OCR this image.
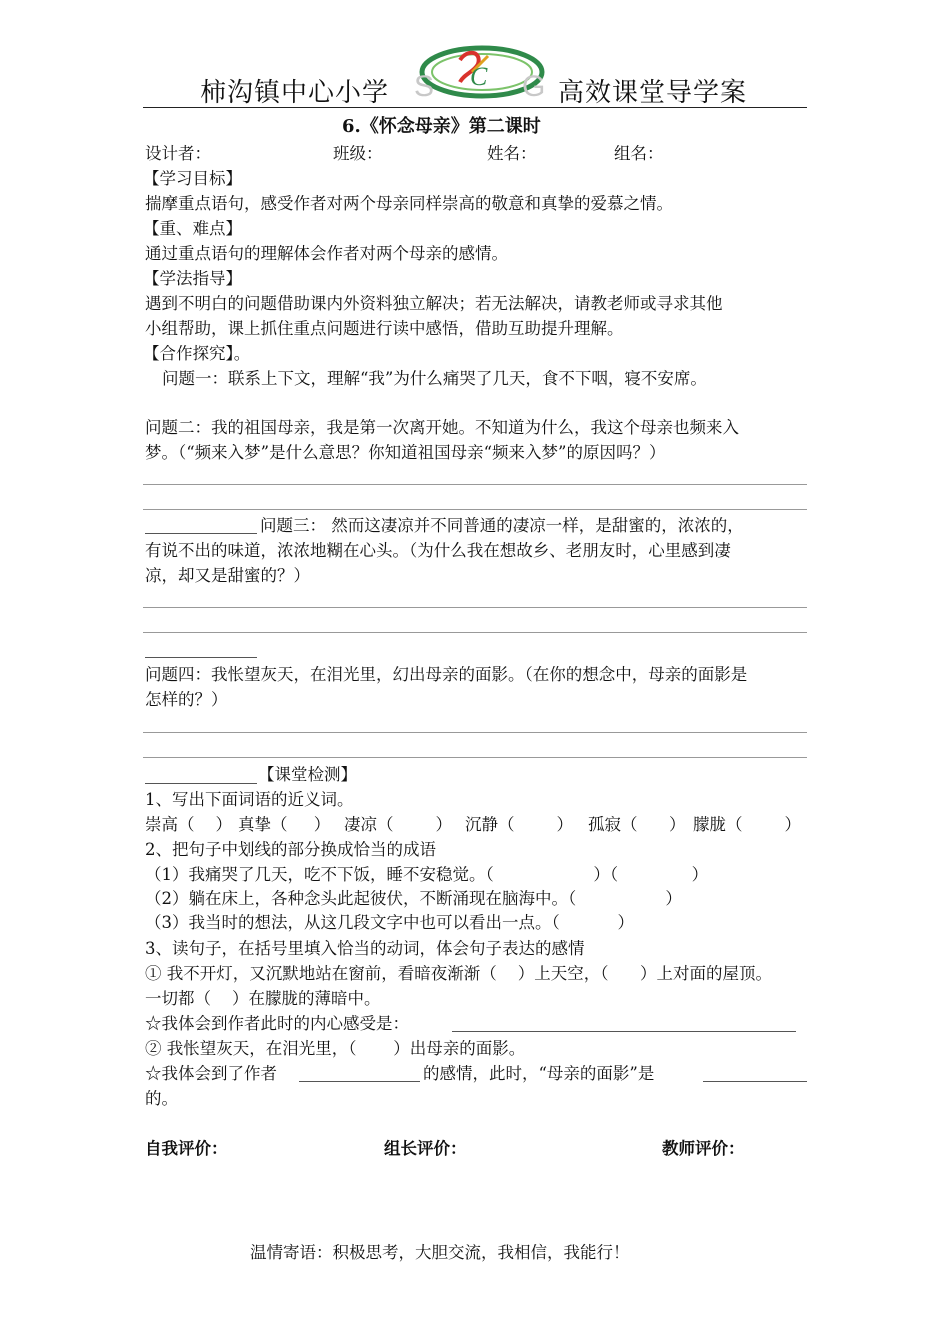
柿沟镇中心小学 S C G 高效课堂导学案
6.《怀念母亲》第二课时
设计者：	班级：	姓名：	组名：
【学习目标】
揣摩重点语句，感受作者对两个母亲同样崇高的敬意和真挚的爱慕之情。
【重、难点】
通过重点语句的理解体会作者对两个母亲的感情。
【学法指导】
遇到不明白的问题借助课内外资料独立解决；若无法解决，请教老师或寻求其他
小组帮助，课上抓住重点问题进行读中感悟，借助互助提升理解。
【合作探究】。
问题一：联系上下文，理解“我”为什么痛哭了几天，食不下咽，寝不安席。
问题二：我的祖国母亲，我是第一次离开她。不知道为什么，我这个母亲也频来入
梦。（“频来入梦”是什么意思？你知道祖国母亲“频来入梦”的原因吗？）
问题三： 然而这凄凉并不同普通的凄凉一样，是甜蜜的，浓浓的，
有说不出的味道，浓浓地糊在心头。（为什么我在想故乡、老朋友时，心里感到凄
凉，却又是甜蜜的？）
问题四：我怅望灰天，在泪光里，幻出母亲的面影。（在你的想念中，母亲的面影是
怎样的？）
【课堂检测】
1、写出下面词语的近义词。
崇高（    ） 真挚（     ） 凄凉（        ） 沉静（        ） 孤寂（      ） 朦胧（        ）
2、把句子中划线的部分换成恰当的成语
（1）我痛哭了几天，吃不下饭，睡不安稳觉。（                   ）（              ）
（2）躺在床上，各种念头此起彼伏，不断涌现在脑海中。（                 ）
（3）我当时的想法，从这几段文字中也可以看出一点。（           ）
3、读句子，在括号里填入恰当的动词，体会句子表达的感情
① 我不开灯，又沉默地站在窗前，看暗夜渐渐（    ）上天空，（      ）上对面的屋顶。
一切都（    ）在朦胧的薄暗中。
☆我体会到作者此时的内心感受是：
② 我怅望灰天，在泪光里，（       ）出母亲的面影。
☆我体会到了作者	的感情，此时，“母亲的面影”是
的。
自我评价：	组长评价：	教师评价：
温情寄语：积极思考，大胆交流，我相信，我能行！
